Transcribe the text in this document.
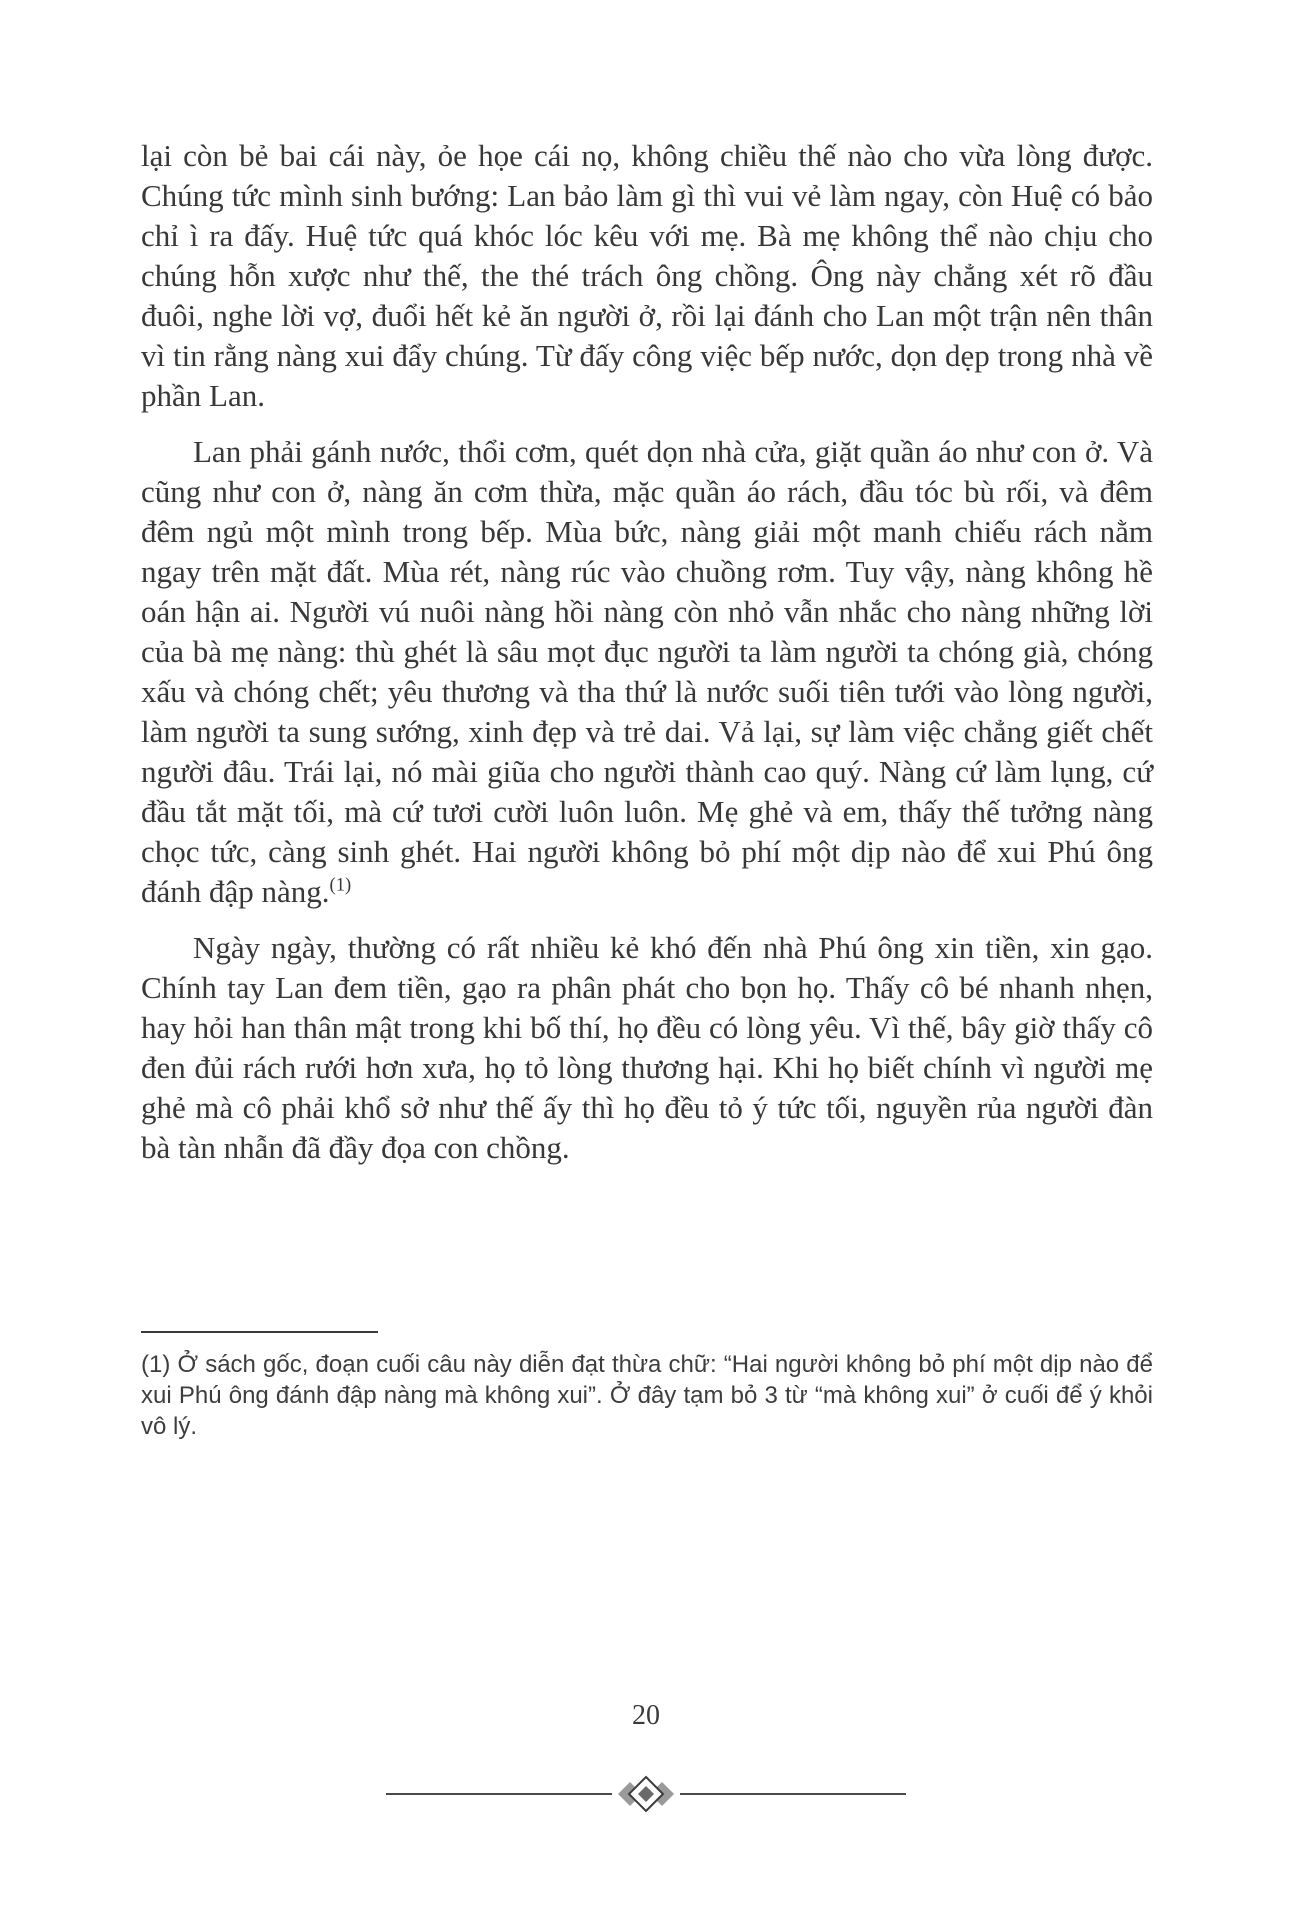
lại còn bẻ bai cái này, ỏe họe cái nọ, không chiều thế nào cho vừa lòng được. Chúng tức mình sinh bướng: Lan bảo làm gì thì vui vẻ làm ngay, còn Huệ có bảo chỉ ì ra đấy. Huệ tức quá khóc lóc kêu với mẹ. Bà mẹ không thể nào chịu cho chúng hỗn xược như thế, the thé trách ông chồng. Ông này chẳng xét rõ đầu đuôi, nghe lời vợ, đuổi hết kẻ ăn người ở, rồi lại đánh cho Lan một trận nên thân vì tin rằng nàng xui đẩy chúng. Từ đấy công việc bếp nước, dọn dẹp trong nhà về phần Lan.

Lan phải gánh nước, thổi cơm, quét dọn nhà cửa, giặt quần áo như con ở. Và cũng như con ở, nàng ăn cơm thừa, mặc quần áo rách, đầu tóc bù rối, và đêm đêm ngủ một mình trong bếp. Mùa bức, nàng giải một manh chiếu rách nằm ngay trên mặt đất. Mùa rét, nàng rúc vào chuồng rơm. Tuy vậy, nàng không hề oán hận ai. Người vú nuôi nàng hồi nàng còn nhỏ vẫn nhắc cho nàng những lời của bà mẹ nàng: thù ghét là sâu mọt đục người ta làm người ta chóng già, chóng xấu và chóng chết; yêu thương và tha thứ là nước suối tiên tưới vào lòng người, làm người ta sung sướng, xinh đẹp và trẻ dai. Vả lại, sự làm việc chẳng giết chết người đâu. Trái lại, nó mài giũa cho người thành cao quý. Nàng cứ làm lụng, cứ đầu tắt mặt tối, mà cứ tươi cười luôn luôn. Mẹ ghẻ và em, thấy thế tưởng nàng chọc tức, càng sinh ghét. Hai người không bỏ phí một dịp nào để xui Phú ông đánh đập nàng.$^{(1)}$

Ngày ngày, thường có rất nhiều kẻ khó đến nhà Phú ông xin tiền, xin gạo. Chính tay Lan đem tiền, gạo ra phân phát cho bọn họ. Thấy cô bé nhanh nhẹn, hay hỏi han thân mật trong khi bố thí, họ đều có lòng yêu. Vì thế, bây giờ thấy cô đen đủi rách rưới hơn xưa, họ tỏ lòng thương hại. Khi họ biết chính vì người mẹ ghẻ mà cô phải khổ sở như thế ấy thì họ đều tỏ ý tức tối, nguyền rủa người đàn bà tàn nhẫn đã đầy đọa con chồng.

(1) Ở sách gốc, đoạn cuối câu này diễn đạt thừa chữ: “Hai người không bỏ phí một dịp nào để xui Phú ông đánh đập nàng mà không xui”. Ở đây tạm bỏ 3 từ “mà không xui” ở cuối để ý khỏi vô lý.
20
